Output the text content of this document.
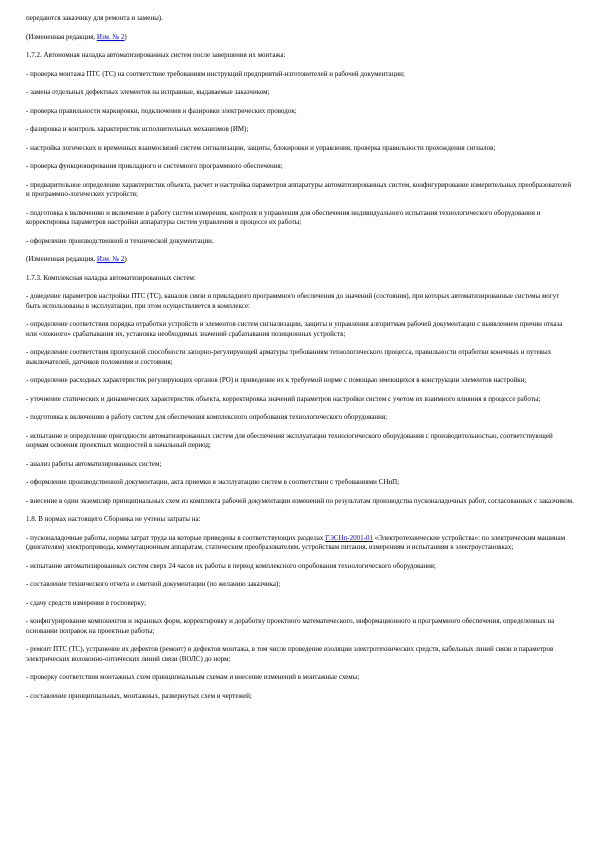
передаются заказчику для ремонта и замены).

(Измененная редакция, Изм. № 2)

1.7.2. Автономная наладка автоматизированных систем после завершения их монтажа:

- проверка монтажа ПТС (ТС) на соответствие требованиям инструкций предприятий-изготовителей и рабочей документации;

- замена отдельных дефектных элементов на исправные, выдаваемые заказчиком;

- проверка правильности маркировки, подключения и фазировки электрических проводок;

- фазировка и контроль характеристик исполнительных механизмов (ИМ);

- настройка логических и временных взаимосвязей систем сигнализации, защиты, блокировки и управления, проверка правильности прохождения сигналов;

- проверка функционирования прикладного и системного программного обеспечения;

- предварительное определение характеристик объекта, расчет и настройка параметров аппаратуры автоматизированных систем, конфигурирование измерительных преобразователей и программно-логических устройств;

- подготовка к включению и включение в работу систем измерения, контроля и управления для обеспечения индивидуального испытания технологического оборудования и корректировка параметров настройки аппаратуры систем управления в процессе их работы;

- оформление производственной и технической документации.

(Измененная редакция, Изм. № 2)

1.7.3. Комплексная наладка автоматизированных систем:

- доведение параметров настройки ПТС (ТС), каналов связи и прикладного программного обеспечения до значений (состояния), при которых автоматизированные системы могут быть использованы в эксплуатации, при этом осуществляется в комплексе:

- определение соответствия порядка отработки устройств и элементов систем сигнализации, защиты и управления алгоритмам рабочей документации с выявлением причин отказа или «ложного» срабатывания их, установка необходимых значений срабатывания позиционных устройств;

- определение соответствия пропускной способности запорно-регулирующей арматуры требованиям технологического процесса, правильности отработки конечных и путевых выключателей, датчиков положения и состояния;

- определение расходных характеристик регулирующих органов (РО) и приведение их к требуемой норме с помощью имеющихся в конструкции элементов настройки;

- уточнение статических и динамических характеристик объекта, корректировка значений параметров настройки систем с учетом их взаимного влияния в процессе работы;

- подготовка к включению в работу систем для обеспечения комплексного опробования технологического оборудования;

- испытание и определение пригодности автоматизированных систем для обеспечения эксплуатации технологического оборудования с производительностью, соответствующей нормам освоения проектных мощностей в начальный период;

- анализ работы автоматизированных систем;

- оформление производственной документации, акта приемки в эксплуатацию систем в соответствии с требованиями СНиП;

- внесение в один экземпляр принципиальных схем из комплекта рабочей документации изменений по результатам производства пусконаладочных работ, согласованных с заказчиком.

1.8. В нормах настоящего Сборника не учтены затраты на:

- пусконаладочные работы, нормы затрат труда на которые приведены в соответствующих разделах ГЭСНп-2001-01 «Электротехнические устройства»: по электрическим машинам (двигателям) электропривода, коммутационным аппаратам, статическим преобразователям, устройствам питания, измерениям и испытаниям в электроустановках;

- испытание автоматизированных систем сверх 24 часов их работы в период комплексного опробования технологического оборудования;

- составление технического отчета и сметной документации (по желанию заказчика);

- сдачу средств измерения в госповерку;

- конфигурирование компонентов и экранных форм, корректировку и доработку проектного математического, информационного и программного обеспечения, определенных на основании поправок на проектные работы;

- ремонт ПТС (ТС), устранение их дефектов (ремонт) и дефектов монтажа, в том числе проведение изоляции электротехнических средств, кабельных линий связи и параметров электрических волоконно-оптических линий связи (ВОЛС) до норм;

- проверку соответствия монтажных схем принципиальным схемам и внесение изменений в монтажные схемы;

- составление принципиальных, монтажных, развернутых схем и чертежей;
